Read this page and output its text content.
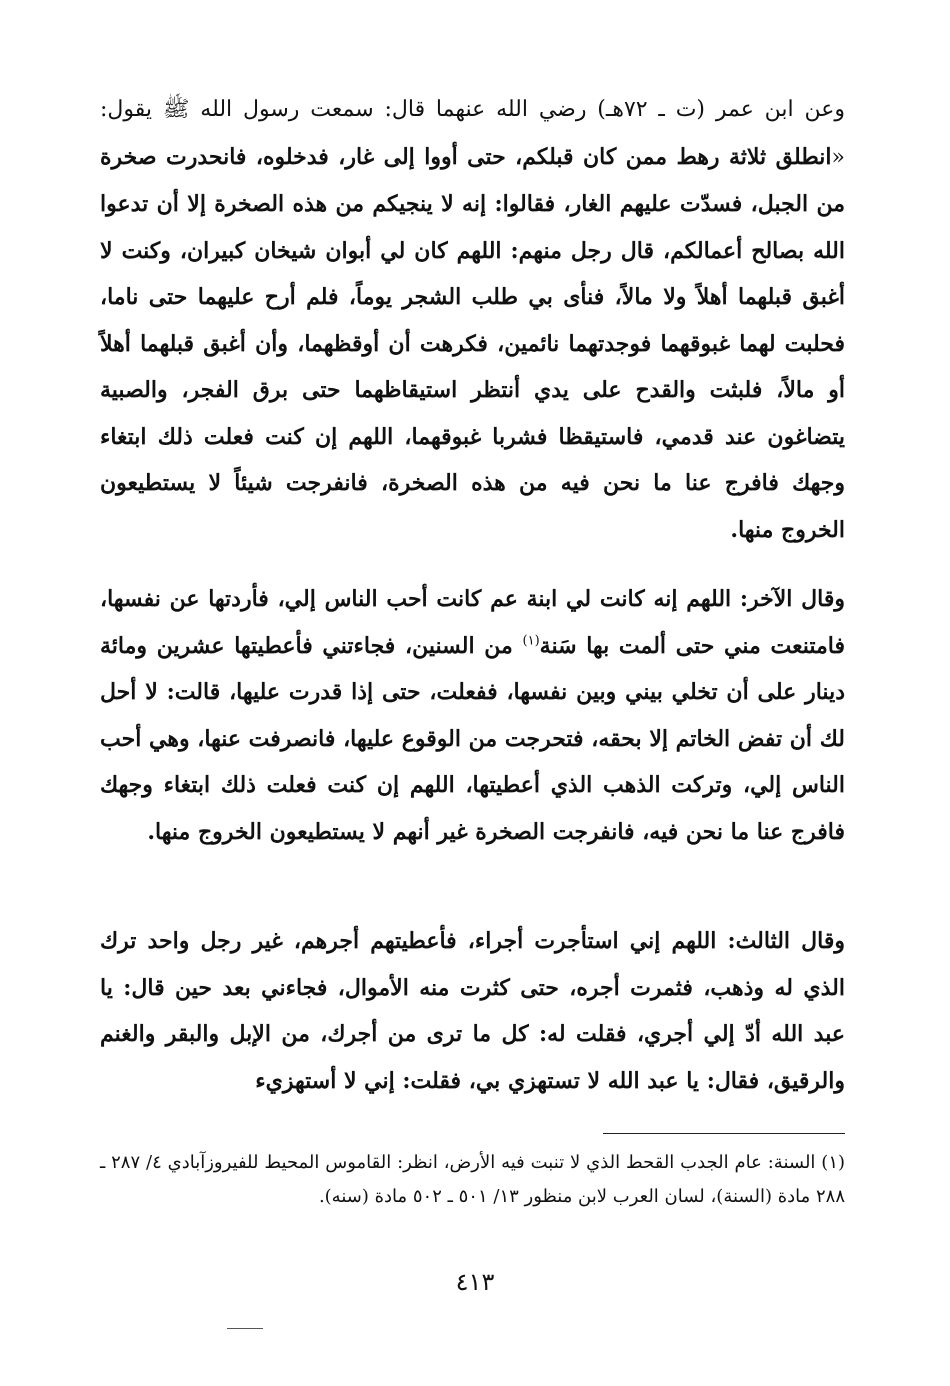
وعن ابن عمر (ت ـ ٧٢هـ) رضي الله عنهما قال: سمعت رسول الله ﷺ يقول: «انطلق ثلاثة رهط ممن كان قبلكم، حتى أووا إلى غار، فدخلوه، فانحدرت صخرة من الجبل، فسدّت عليهم الغار، فقالوا: إنه لا ينجيكم من هذه الصخرة إلا أن تدعوا الله بصالح أعمالكم، قال رجل منهم: اللهم كان لي أبوان شيخان كبيران، وكنت لا أغبق قبلهما أهلاً ولا مالاً، فنأى بي طلب الشجر يوماً، فلم أرح عليهما حتى ناما، فحلبت لهما غبوقهما فوجدتهما نائمين، فكرهت أن أوقظهما، وأن أغبق قبلهما أهلاً أو مالاً، فلبثت والقدح على يدي أنتظر استيقاظهما حتى برق الفجر، والصبية يتضاغون عند قدمي، فاستيقظا فشربا غبوقهما، اللهم إن كنت فعلت ذلك ابتغاء وجهك فافرج عنا ما نحن فيه من هذه الصخرة، فانفرجت شيئاً لا يستطيعون الخروج منها.

وقال الآخر: اللهم إنه كانت لي ابنة عم كانت أحب الناس إلي، فأردتها عن نفسها، فامتنعت مني حتى ألمت بها سَنة$^{(١)}$ من السنين، فجاءتني فأعطيتها عشرين ومائة دينار على أن تخلي بيني وبين نفسها، ففعلت، حتى إذا قدرت عليها، قالت: لا أحل لك أن تفض الخاتم إلا بحقه، فتحرجت من الوقوع عليها، فانصرفت عنها، وهي أحب الناس إلي، وتركت الذهب الذي أعطيتها، اللهم إن كنت فعلت ذلك ابتغاء وجهك فافرج عنا ما نحن فيه، فانفرجت الصخرة غير أنهم لا يستطيعون الخروج منها.

وقال الثالث: اللهم إني استأجرت أجراء، فأعطيتهم أجرهم، غير رجل واحد ترك الذي له وذهب، فثمرت أجره، حتى كثرت منه الأموال، فجاءني بعد حين قال: يا عبد الله أدّ إلي أجري، فقلت له: كل ما ترى من أجرك، من الإبل والبقر والغنم والرقيق، فقال: يا عبد الله لا تستهزي بي، فقلت: إني لا أستهزيء

(١) السنة: عام الجدب القحط الذي لا تنبت فيه الأرض، انظر: القاموس المحيط للفيروزآبادي ٤/ ٢٨٧ ـ ٢٨٨ مادة (السنة)، لسان العرب لابن منظور ١٣/ ٥٠١ ـ ٥٠٢ مادة (سنه).

٤١٣
